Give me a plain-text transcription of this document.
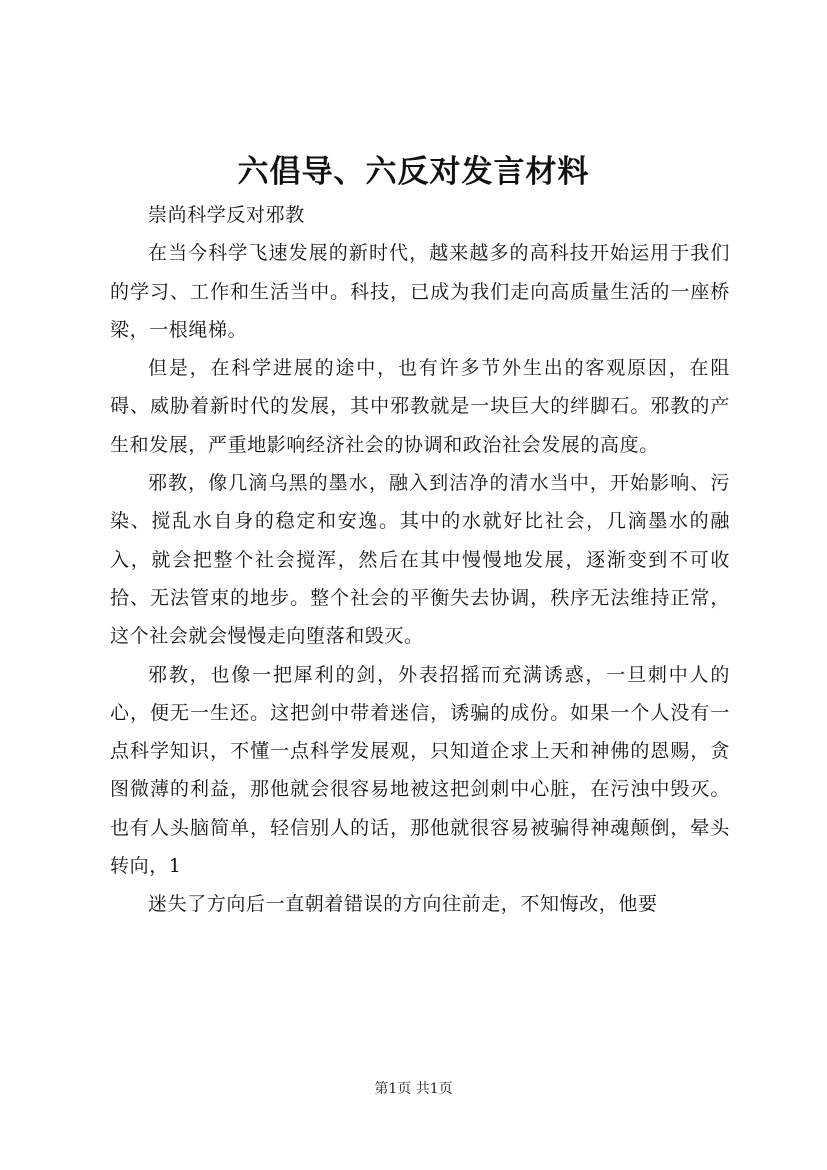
六倡导、六反对发言材料

崇尚科学反对邪教

在当今科学飞速发展的新时代，越来越多的高科技开始运用于我们的学习、工作和生活当中。科技，已成为我们走向高质量生活的一座桥梁，一根绳梯。

但是，在科学进展的途中，也有许多节外生出的客观原因，在阻碍、威胁着新时代的发展，其中邪教就是一块巨大的绊脚石。邪教的产生和发展，严重地影响经济社会的协调和政治社会发展的高度。

邪教，像几滴乌黑的墨水，融入到洁净的清水当中，开始影响、污染、搅乱水自身的稳定和安逸。其中的水就好比社会，几滴墨水的融入，就会把整个社会搅浑，然后在其中慢慢地发展，逐渐变到不可收拾、无法管束的地步。整个社会的平衡失去协调，秩序无法维持正常，这个社会就会慢慢走向堕落和毁灭。

邪教，也像一把犀利的剑，外表招摇而充满诱惑，一旦刺中人的心，便无一生还。这把剑中带着迷信，诱骗的成份。如果一个人没有一点科学知识，不懂一点科学发展观，只知道企求上天和神佛的恩赐，贪图微薄的利益，那他就会很容易地被这把剑刺中心脏，在污浊中毁灭。也有人头脑简单，轻信别人的话，那他就很容易被骗得神魂颠倒，晕头转向，1

迷失了方向后一直朝着错误的方向往前走，不知悔改，他要

第1页 共1页
